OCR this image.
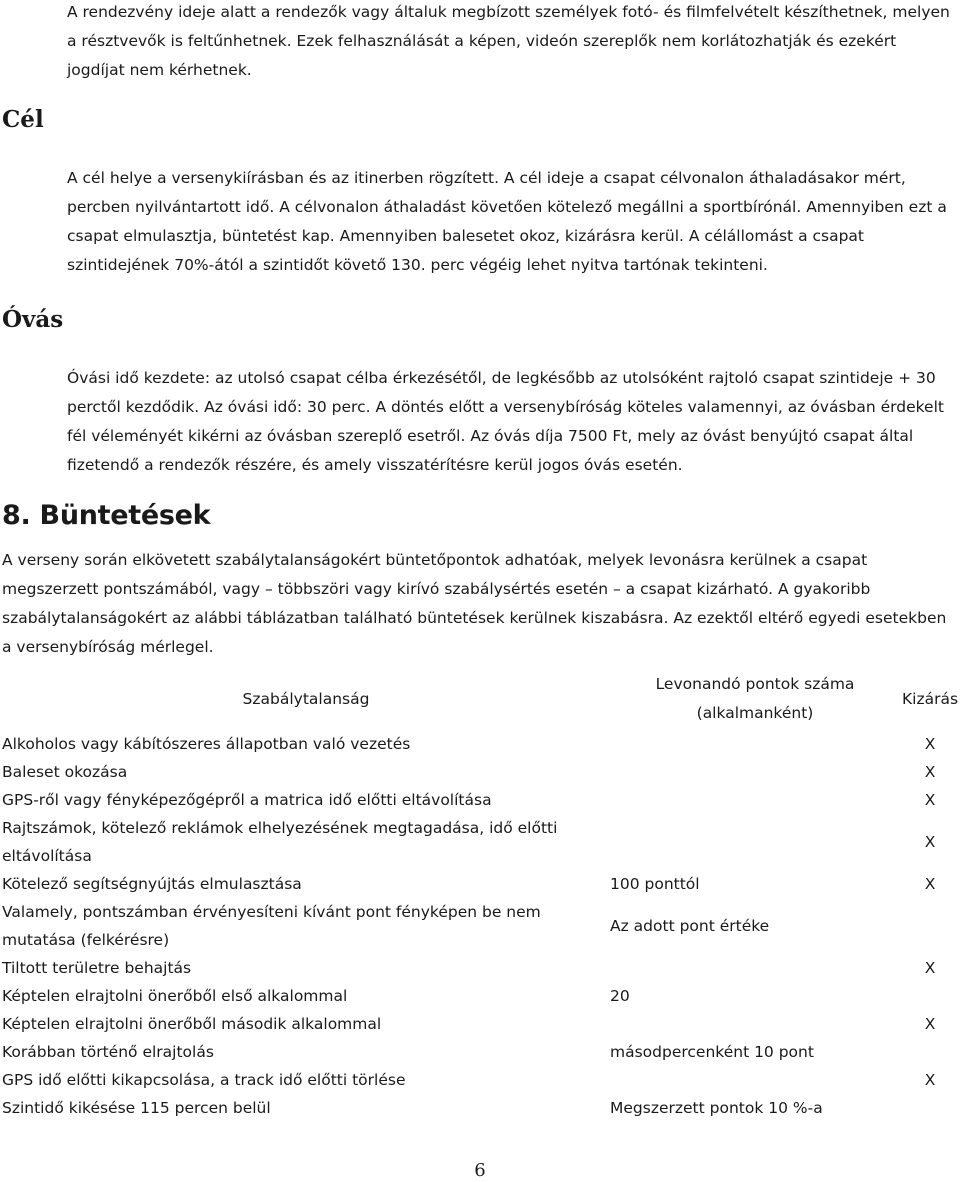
A rendezvény ideje alatt a rendezők vagy általuk megbízott személyek fotó- és filmfelvételt készíthetnek, melyen a résztvevők is feltűnhetnek. Ezek felhasználását a képen, videón szereplők nem korlátozhatják és ezekért jogdíjat nem kérhetnek.

Cél

A cél helye a versenykiírásban és az itinerben rögzített. A cél ideje a csapat célvonalon áthaladásakor mért, percben nyilvántartott idő. A célvonalon áthaladást követően kötelező megállni a sportbírónál. Amennyiben ezt a csapat elmulasztja, büntetést kap. Amennyiben balesetet okoz, kizárásra kerül. A célállomást a csapat szintidejének 70%-ától a szintidőt követő 130. perc végéig lehet nyitva tartónak tekinteni.

Óvás

Óvási idő kezdete: az utolsó csapat célba érkezésétől, de legkésőbb az utolsóként rajtoló csapat szintideje + 30 perctől kezdődik. Az óvási idő: 30 perc. A döntés előtt a versenybíróság köteles valamennyi, az óvásban érdekelt fél véleményét kikérni az óvásban szereplő esetről. Az óvás díja 7500 Ft, mely az óvást benyújtó csapat által fizetendő a rendezők részére, és amely visszatérítésre kerül jogos óvás esetén.

8. Büntetések

A verseny során elkövetett szabálytalanságokért büntetőpontok adhatóak, melyek levonásra kerülnek a csapat megszerzett pontszámából, vagy – többszöri vagy kirívó szabálysértés esetén – a csapat kizárható. A gyakoribb szabálytalanságokért az alábbi táblázatban található büntetések kerülnek kiszabásra. Az ezektől eltérő egyedi esetekben a versenybíróság mérlegel.

Szabálytalanság	Levonandó pontok száma (alkalmanként)	Kizárás
Alkoholos vagy kábítószeres állapotban való vezetés		X
Baleset okozása		X
GPS-ről vagy fényképezőgépről a matrica idő előtti eltávolítása		X
Rajtszámok, kötelező reklámok elhelyezésének megtagadása, idő előtti eltávolítása		X
Kötelező segítségnyújtás elmulasztása	100 ponttól	X
Valamely, pontszámban érvényesíteni kívánt pont fényképen be nem mutatása (felkérésre)	Az adott pont értéke	
Tiltott területre behajtás		X
Képtelen elrajtolni önerőből első alkalommal	20	
Képtelen elrajtolni önerőből második alkalommal		X
Korábban történő elrajtolás	másodpercenként 10 pont	
GPS idő előtti kikapcsolása, a track idő előtti törlése		X
Szintidő kikésése 115 percen belül	Megszerzett pontok 10 %-a	
6
